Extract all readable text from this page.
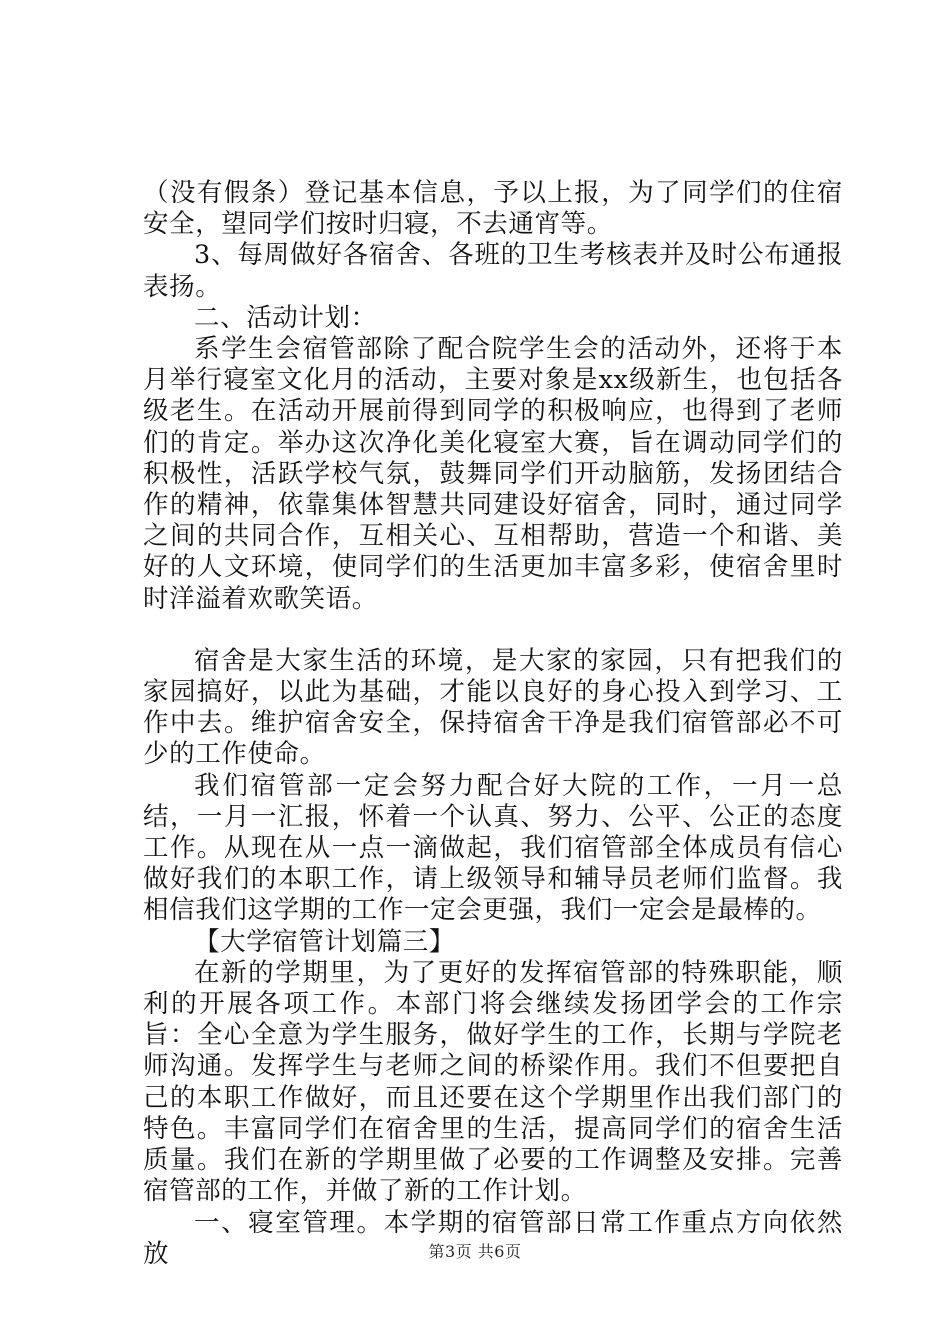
（没有假条）登记基本信息，予以上报，为了同学们的住宿安全，望同学们按时归寝，不去通宵等。

3、每周做好各宿舍、各班的卫生考核表并及时公布通报表扬。

二、活动计划：

系学生会宿管部除了配合院学生会的活动外，还将于本月举行寝室文化月的活动，主要对象是xx级新生，也包括各级老生。在活动开展前得到同学的积极响应，也得到了老师们的肯定。举办这次净化美化寝室大赛，旨在调动同学们的积极性，活跃学校气氛，鼓舞同学们开动脑筋，发扬团结合作的精神，依靠集体智慧共同建设好宿舍，同时，通过同学之间的共同合作，互相关心、互相帮助，营造一个和谐、美好的人文环境，使同学们的生活更加丰富多彩，使宿舍里时时洋溢着欢歌笑语。

宿舍是大家生活的环境，是大家的家园，只有把我们的家园搞好，以此为基础，才能以良好的身心投入到学习、工作中去。维护宿舍安全，保持宿舍干净是我们宿管部必不可少的工作使命。

我们宿管部一定会努力配合好大院的工作，一月一总结，一月一汇报，怀着一个认真、努力、公平、公正的态度工作。从现在从一点一滴做起，我们宿管部全体成员有信心做好我们的本职工作，请上级领导和辅导员老师们监督。我相信我们这学期的工作一定会更强，我们一定会是最棒的。

【大学宿管计划篇三】

在新的学期里，为了更好的发挥宿管部的特殊职能，顺利的开展各项工作。本部门将会继续发扬团学会的工作宗旨：全心全意为学生服务，做好学生的工作，长期与学院老师沟通。发挥学生与老师之间的桥梁作用。我们不但要把自己的本职工作做好，而且还要在这个学期里作出我们部门的特色。丰富同学们在宿舍里的生活，提高同学们的宿舍生活质量。我们在新的学期里做了必要的工作调整及安排。完善宿管部的工作，并做了新的工作计划。

一、寝室管理。本学期的宿管部日常工作重点方向依然放	第3页 共6页
